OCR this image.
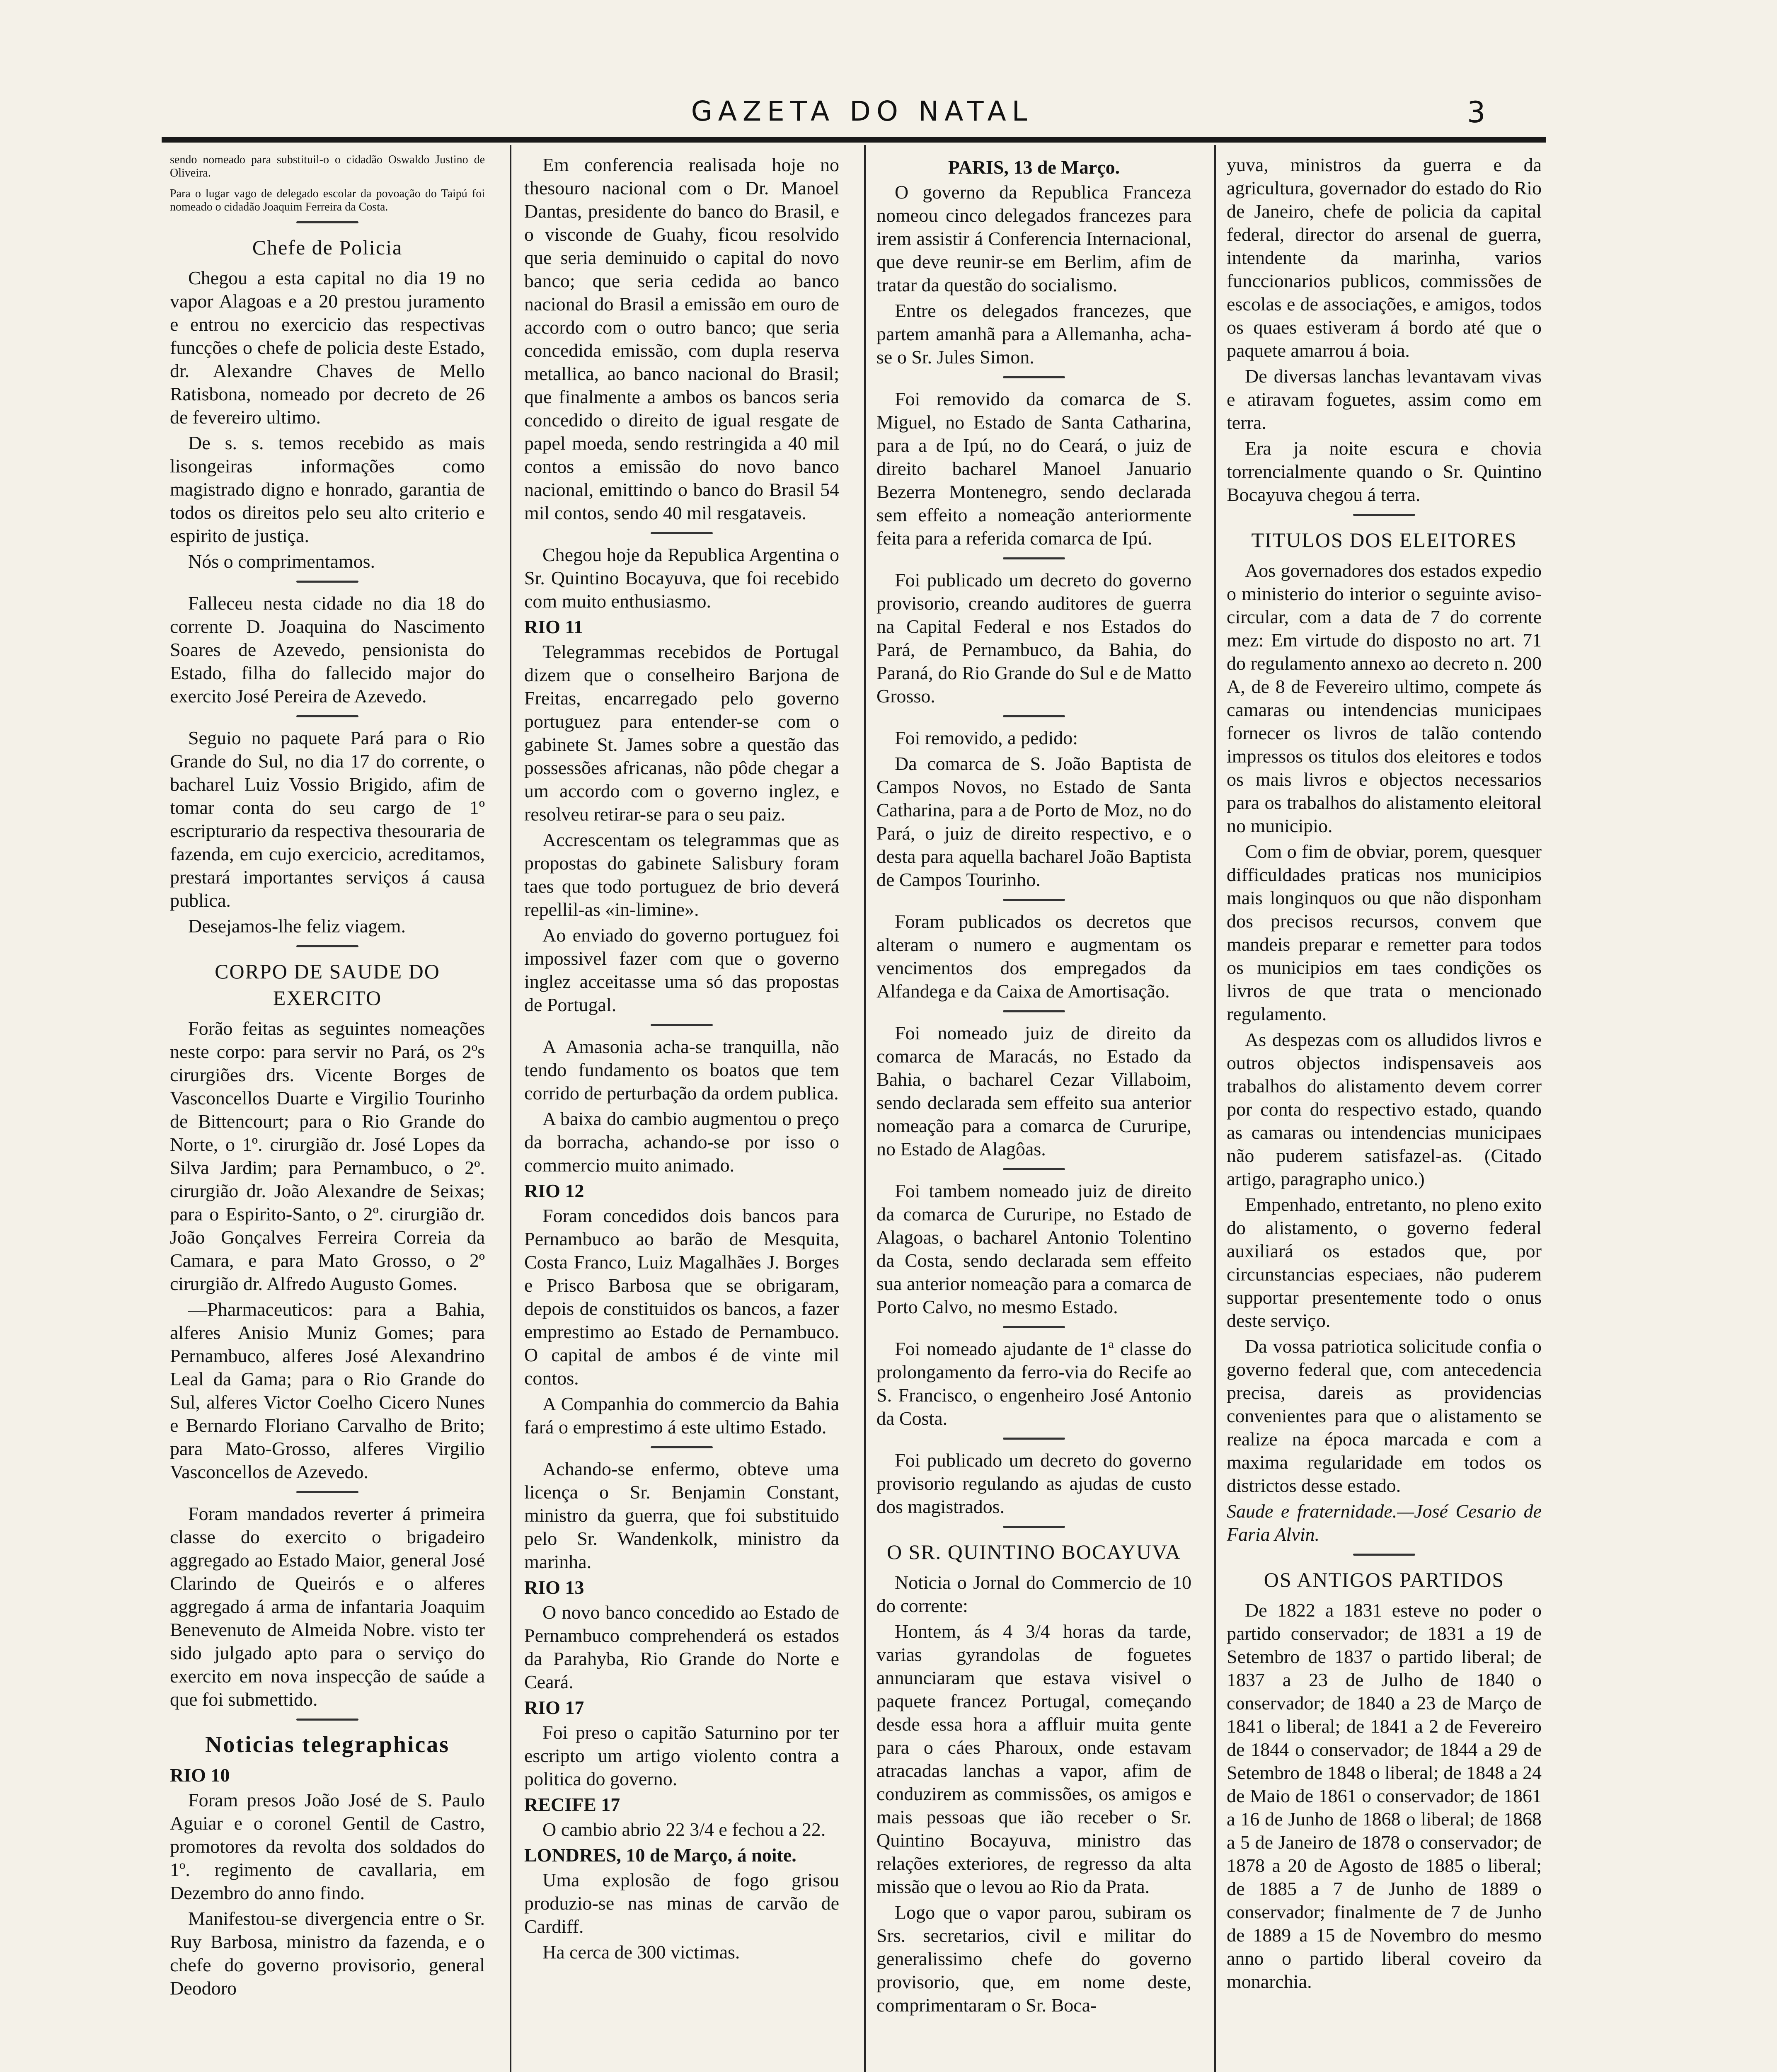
GAZETA DO NATAL	3

sendo nomeado para substituil-o o cidadão Oswaldo Justino de Oliveira.

Para o lugar vago de delegado escolar da povoação do Taipú foi nomeado o cidadão Joaquim Ferreira da Costa.

Chefe de Policia

Chegou a esta capital no dia 19 no vapor Alagoas e a 20 prestou juramento e entrou no exercicio das respectivas funcções o chefe de policia deste Estado, dr. Alexandre Chaves de Mello Ratisbona, nomeado por decreto de 26 de fevereiro ultimo.

De s. s. temos recebido as mais lisongeiras informações como magistrado digno e honrado, garantia de todos os direitos pelo seu alto criterio e espirito de justiça.

Nós o comprimentamos.

Falleceu nesta cidade no dia 18 do corrente D. Joaquina do Nascimento Soares de Azevedo, pensionista do Estado, filha do fallecido major do exercito José Pereira de Azevedo.

Seguio no paquete Pará para o Rio Grande do Sul, no dia 17 do corrente, o bacharel Luiz Vossio Brigido, afim de tomar conta do seu cargo de 1º escripturario da respectiva thesouraria de fazenda, em cujo exercicio, acreditamos, prestará importantes serviços á causa publica.

Desejamos-lhe feliz viagem.

CORPO DE SAUDE DO EXERCITO

Forão feitas as seguintes nomeações neste corpo: para servir no Pará, os 2ºs cirurgiões drs. Vicente Borges de Vasconcellos Duarte e Virgilio Tourinho de Bittencourt; para o Rio Grande do Norte, o 1º. cirurgião dr. José Lopes da Silva Jardim; para Pernambuco, o 2º. cirurgião dr. João Alexandre de Seixas; para o Espirito-Santo, o 2º. cirurgião dr. João Gonçalves Ferreira Correia da Camara, e para Mato Grosso, o 2º cirurgião dr. Alfredo Augusto Gomes.

—Pharmaceuticos: para a Bahia, alferes Anisio Muniz Gomes; para Pernambuco, alferes José Alexandrino Leal da Gama; para o Rio Grande do Sul, alferes Victor Coelho Cicero Nunes e Bernardo Floriano Carvalho de Brito; para Mato-Grosso, alferes Virgilio Vasconcellos de Azevedo.

Foram mandados reverter á primeira classe do exercito o brigadeiro aggregado ao Estado Maior, general José Clarindo de Queirós e o alferes aggregado á arma de infantaria Joaquim Benevenuto de Almeida Nobre. visto ter sido julgado apto para o serviço do exercito em nova inspecção de saúde a que foi submettido.

Noticias telegraphicas

RIO 10

Foram presos João José de S. Paulo Aguiar e o coronel Gentil de Castro, promotores da revolta dos soldados do 1º. regimento de cavallaria, em Dezembro do anno findo.

Manifestou-se divergencia entre o Sr. Ruy Barbosa, ministro da fazenda, e o chefe do governo provisorio, general Deodoro

Em conferencia realisada hoje no thesouro nacional com o Dr. Manoel Dantas, presidente do banco do Brasil, e o visconde de Guahy, ficou resolvido que seria deminuido o capital do novo banco; que seria cedida ao banco nacional do Brasil a emissão em ouro de accordo com o outro banco; que seria concedida emissão, com dupla reserva metallica, ao banco nacional do Brasil; que finalmente a ambos os bancos seria concedido o direito de igual resgate de papel moeda, sendo restringida a 40 mil contos a emissão do novo banco nacional, emittindo o banco do Brasil 54 mil contos, sendo 40 mil resgataveis.

Chegou hoje da Republica Argentina o Sr. Quintino Bocayuva, que foi recebido com muito enthusiasmo.

RIO 11

Telegrammas recebidos de Portugal dizem que o conselheiro Barjona de Freitas, encarregado pelo governo portuguez para entender-se com o gabinete St. James sobre a questão das possessões africanas, não pôde chegar a um accordo com o governo inglez, e resolveu retirar-se para o seu paiz.

Accrescentam os telegrammas que as propostas do gabinete Salisbury foram taes que todo portuguez de brio deverá repellil-as «in-limine».

Ao enviado do governo portuguez foi impossivel fazer com que o governo inglez acceitasse uma só das propostas de Portugal.

A Amasonia acha-se tranquilla, não tendo fundamento os boatos que tem corrido de perturbação da ordem publica.

A baixa do cambio augmentou o preço da borracha, achando-se por isso o commercio muito animado.

RIO 12

Foram concedidos dois bancos para Pernambuco ao barão de Mesquita, Costa Franco, Luiz Magalhães J. Borges e Prisco Barbosa que se obrigaram, depois de constituidos os bancos, a fazer emprestimo ao Estado de Pernambuco. O capital de ambos é de vinte mil contos.

A Companhia do commercio da Bahia fará o emprestimo á este ultimo Estado.

Achando-se enfermo, obteve uma licença o Sr. Benjamin Constant, ministro da guerra, que foi substituido pelo Sr. Wandenkolk, ministro da marinha.

RIO 13

O novo banco concedido ao Estado de Pernambuco comprehenderá os estados da Parahyba, Rio Grande do Norte e Ceará.

RIO 17

Foi preso o capitão Saturnino por ter escripto um artigo violento contra a politica do governo.

RECIFE 17

O cambio abrio 22 3/4 e fechou a 22.

LONDRES, 10 de Março, á noite.

Uma explosão de fogo grisou produzio-se nas minas de carvão de Cardiff.

Ha cerca de 300 victimas.

PARIS, 13 de Março.

O governo da Republica Franceza nomeou cinco delegados francezes para irem assistir á Conferencia Internacional, que deve reunir-se em Berlim, afim de tratar da questão do socialismo.

Entre os delegados francezes, que partem amanhã para a Allemanha, acha-se o Sr. Jules Simon.

Foi removido da comarca de S. Miguel, no Estado de Santa Catharina, para a de Ipú, no do Ceará, o juiz de direito bacharel Manoel Januario Bezerra Montenegro, sendo declarada sem effeito a nomeação anteriormente feita para a referida comarca de Ipú.

Foi publicado um decreto do governo provisorio, creando auditores de guerra na Capital Federal e nos Estados do Pará, de Pernambuco, da Bahia, do Paraná, do Rio Grande do Sul e de Matto Grosso.

Foi removido, a pedido:

Da comarca de S. João Baptista de Campos Novos, no Estado de Santa Catharina, para a de Porto de Moz, no do Pará, o juiz de direito respectivo, e o desta para aquella bacharel João Baptista de Campos Tourinho.

Foram publicados os decretos que alteram o numero e augmentam os vencimentos dos empregados da Alfandega e da Caixa de Amortisação.

Foi nomeado juiz de direito da comarca de Maracás, no Estado da Bahia, o bacharel Cezar Villaboim, sendo declarada sem effeito sua anterior nomeação para a comarca de Cururipe, no Estado de Alagôas.

Foi tambem nomeado juiz de direito da comarca de Cururipe, no Estado de Alagoas, o bacharel Antonio Tolentino da Costa, sendo declarada sem effeito sua anterior nomeação para a comarca de Porto Calvo, no mesmo Estado.

Foi nomeado ajudante de 1ª classe do prolongamento da ferro-via do Recife ao S. Francisco, o engenheiro José Antonio da Costa.

Foi publicado um decreto do governo provisorio regulando as ajudas de custo dos magistrados.

O SR. QUINTINO BOCAYUVA

Noticia o Jornal do Commercio de 10 do corrente:

Hontem, ás 4 3/4 horas da tarde, varias gyrandolas de foguetes annunciaram que estava visivel o paquete francez Portugal, começando desde essa hora a affluir muita gente para o cáes Pharoux, onde estavam atracadas lanchas a vapor, afim de conduzirem as commissões, os amigos e mais pessoas que ião receber o Sr. Quintino Bocayuva, ministro das relações exteriores, de regresso da alta missão que o levou ao Rio da Prata.

Logo que o vapor parou, subiram os Srs. secretarios, civil e militar do generalissimo chefe do governo provisorio, que, em nome deste, comprimentaram o Sr. Boca-

yuva, ministros da guerra e da agricultura, governador do estado do Rio de Janeiro, chefe de policia da capital federal, director do arsenal de guerra, intendente da marinha, varios funccionarios publicos, commissões de escolas e de associações, e amigos, todos os quaes estiveram á bordo até que o paquete amarrou á boia.

De diversas lanchas levantavam vivas e atiravam foguetes, assim como em terra.

Era ja noite escura e chovia torrencialmente quando o Sr. Quintino Bocayuva chegou á terra.

TITULOS DOS ELEITORES

Aos governadores dos estados expedio o ministerio do interior o seguinte aviso-circular, com a data de 7 do corrente mez: Em virtude do disposto no art. 71 do regulamento annexo ao decreto n. 200 A, de 8 de Fevereiro ultimo, compete ás camaras ou intendencias municipaes fornecer os livros de talão contendo impressos os titulos dos eleitores e todos os mais livros e objectos necessarios para os trabalhos do alistamento eleitoral no municipio.

Com o fim de obviar, porem, quesquer difficuldades praticas nos municipios mais longinquos ou que não disponham dos precisos recursos, convem que mandeis preparar e remetter para todos os municipios em taes condições os livros de que trata o mencionado regulamento.

As despezas com os alludidos livros e outros objectos indispensaveis aos trabalhos do alistamento devem correr por conta do respectivo estado, quando as camaras ou intendencias municipaes não puderem satisfazel-as. (Citado artigo, paragrapho unico.)

Empenhado, entretanto, no pleno exito do alistamento, o governo federal auxiliará os estados que, por circunstancias especiaes, não puderem supportar presentemente todo o onus deste serviço.

Da vossa patriotica solicitude confia o governo federal que, com antecedencia precisa, dareis as providencias convenientes para que o alistamento se realize na época marcada e com a maxima regularidade em todos os districtos desse estado.

Saude e fraternidade.—José Cesario de Faria Alvin.

OS ANTIGOS PARTIDOS

De 1822 a 1831 esteve no poder o partido conservador; de 1831 a 19 de Setembro de 1837 o partido liberal; de 1837 a 23 de Julho de 1840 o conservador; de 1840 a 23 de Março de 1841 o liberal; de 1841 a 2 de Fevereiro de 1844 o conservador; de 1844 a 29 de Setembro de 1848 o liberal; de 1848 a 24 de Maio de 1861 o conservador; de 1861 a 16 de Junho de 1868 o liberal; de 1868 a 5 de Janeiro de 1878 o conservador; de 1878 a 20 de Agosto de 1885 o liberal; de 1885 a 7 de Junho de 1889 o conservador; finalmente de 7 de Junho de 1889 a 15 de Novembro do mesmo anno o partido liberal coveiro da monarchia.
